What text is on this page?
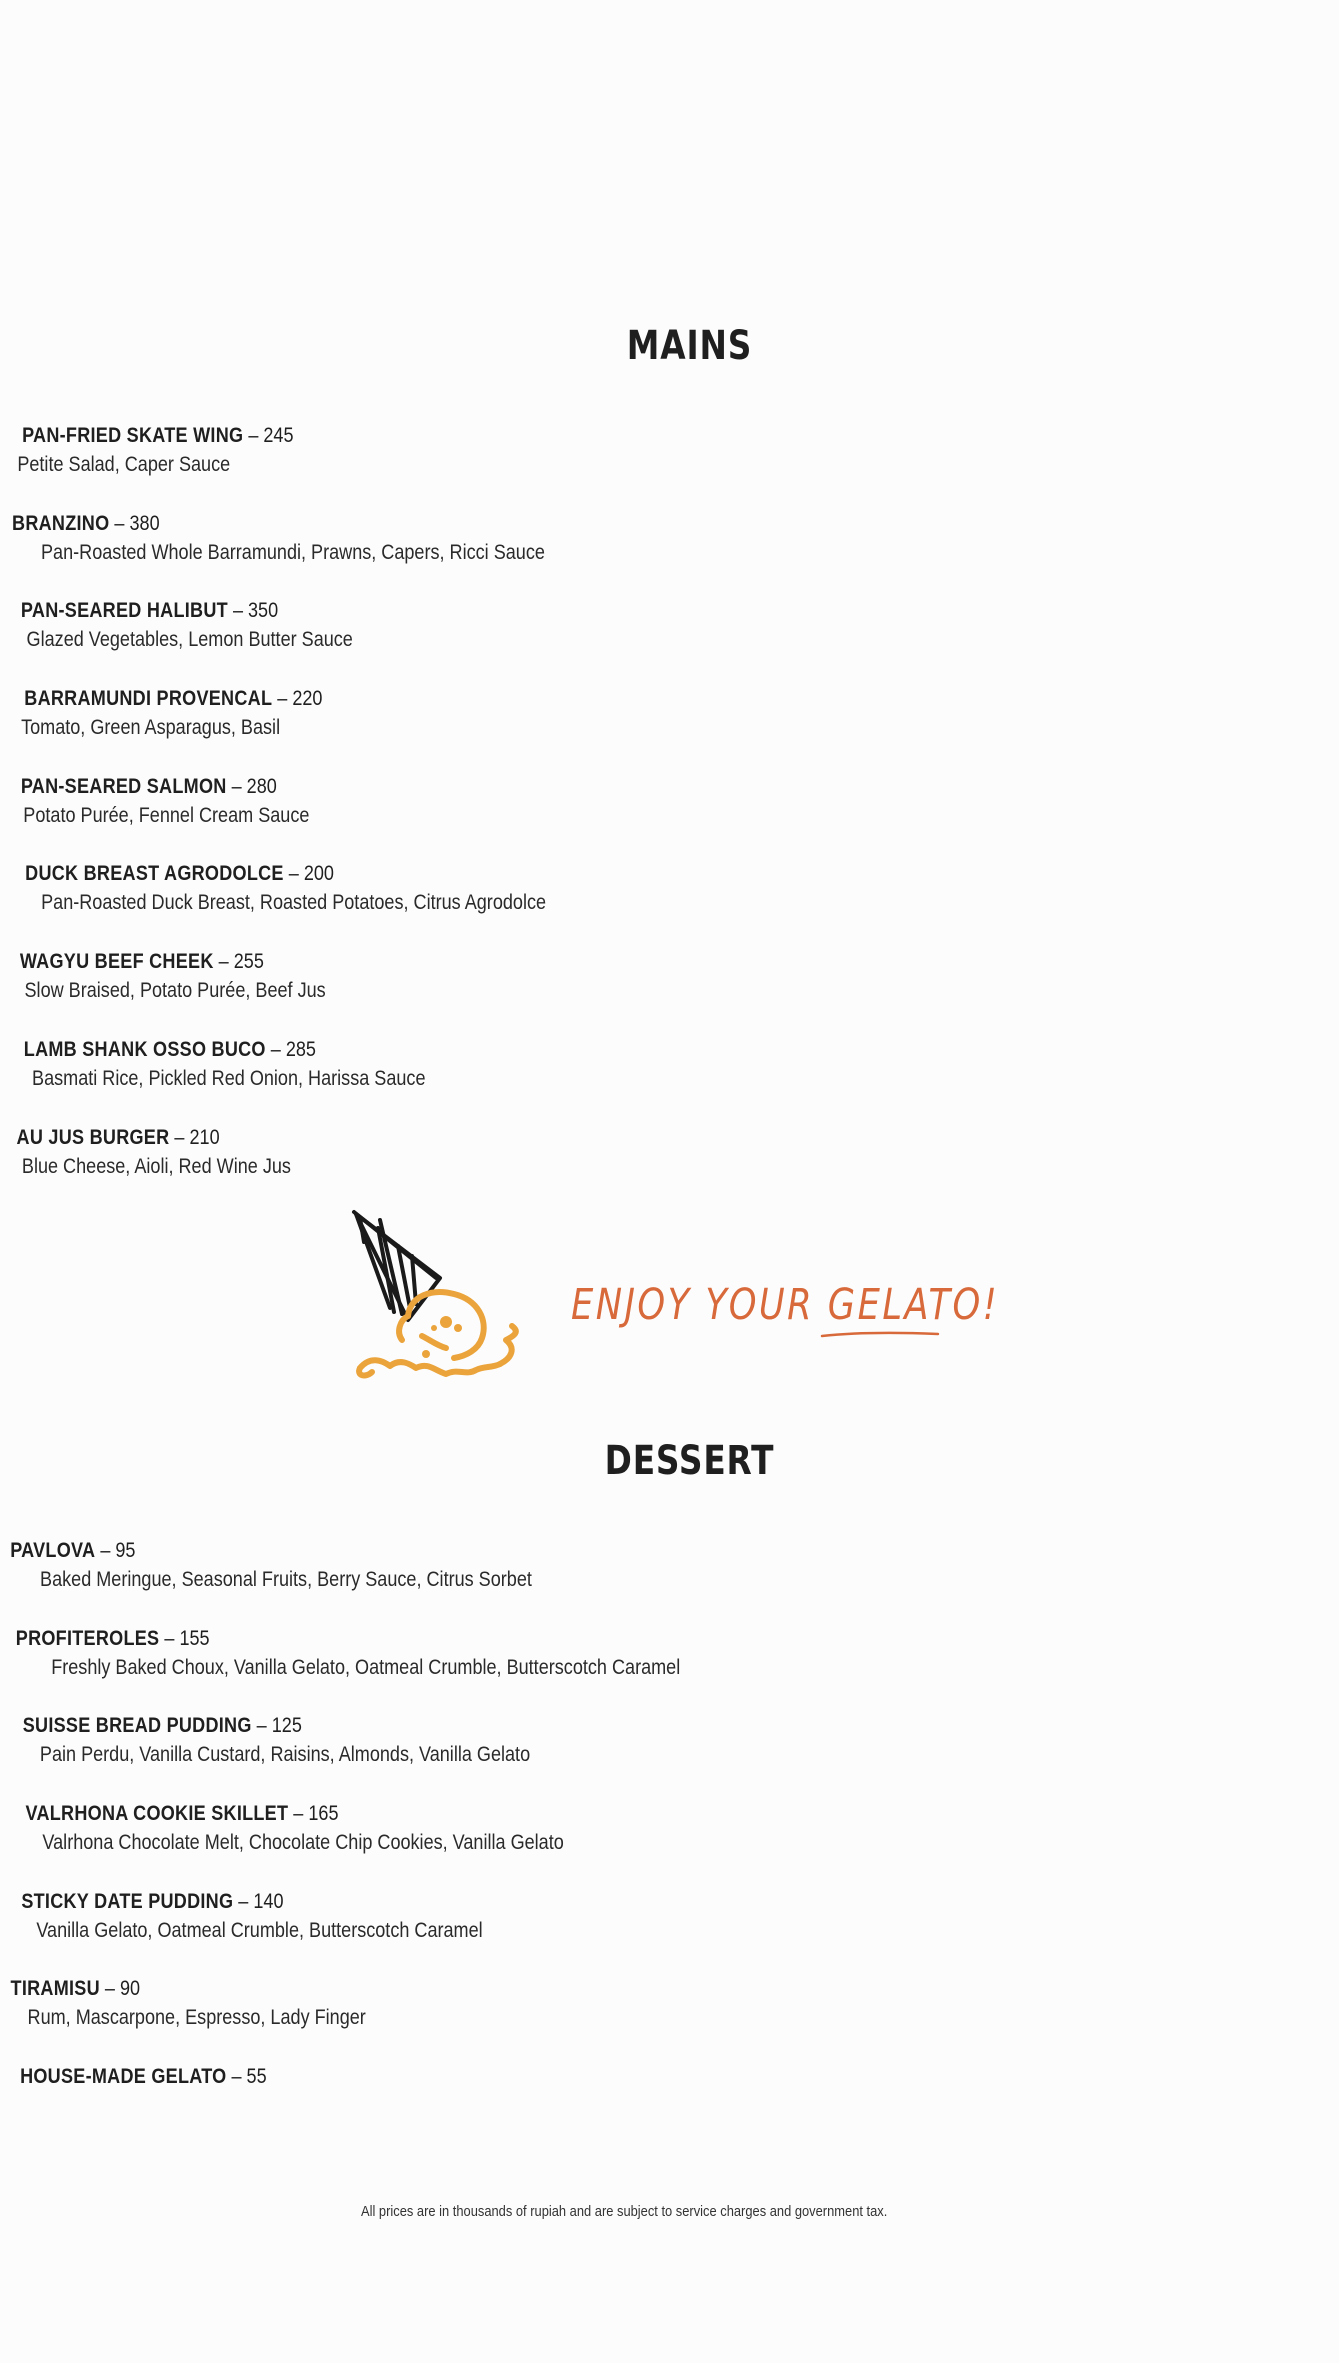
MAINS
PAN-FRIED SKATE WING – 245
Petite Salad, Caper Sauce
BRANZINO – 380
Pan-Roasted Whole Barramundi, Prawns, Capers, Ricci Sauce
PAN-SEARED HALIBUT – 350
Glazed Vegetables, Lemon Butter Sauce
BARRAMUNDI PROVENCAL – 220
Tomato, Green Asparagus, Basil
PAN-SEARED SALMON – 280
Potato Purée, Fennel Cream Sauce
DUCK BREAST AGRODOLCE – 200
Pan-Roasted Duck Breast, Roasted Potatoes, Citrus Agrodolce
WAGYU BEEF CHEEK – 255
Slow Braised, Potato Purée, Beef Jus
LAMB SHANK OSSO BUCO – 285
Basmati Rice, Pickled Red Onion, Harissa Sauce
AU JUS BURGER – 210
Blue Cheese, Aioli, Red Wine Jus
ENJOY YOUR GELATO!
DESSERT
PAVLOVA – 95
Baked Meringue, Seasonal Fruits, Berry Sauce, Citrus Sorbet
PROFITEROLES – 155
Freshly Baked Choux, Vanilla Gelato, Oatmeal Crumble, Butterscotch Caramel
SUISSE BREAD PUDDING – 125
Pain Perdu, Vanilla Custard, Raisins, Almonds, Vanilla Gelato
VALRHONA COOKIE SKILLET – 165
Valrhona Chocolate Melt, Chocolate Chip Cookies, Vanilla Gelato
STICKY DATE PUDDING – 140
Vanilla Gelato, Oatmeal Crumble, Butterscotch Caramel
TIRAMISU – 90
Rum, Mascarpone, Espresso, Lady Finger
HOUSE-MADE GELATO – 55
All prices are in thousands of rupiah and are subject to service charges and government tax.
